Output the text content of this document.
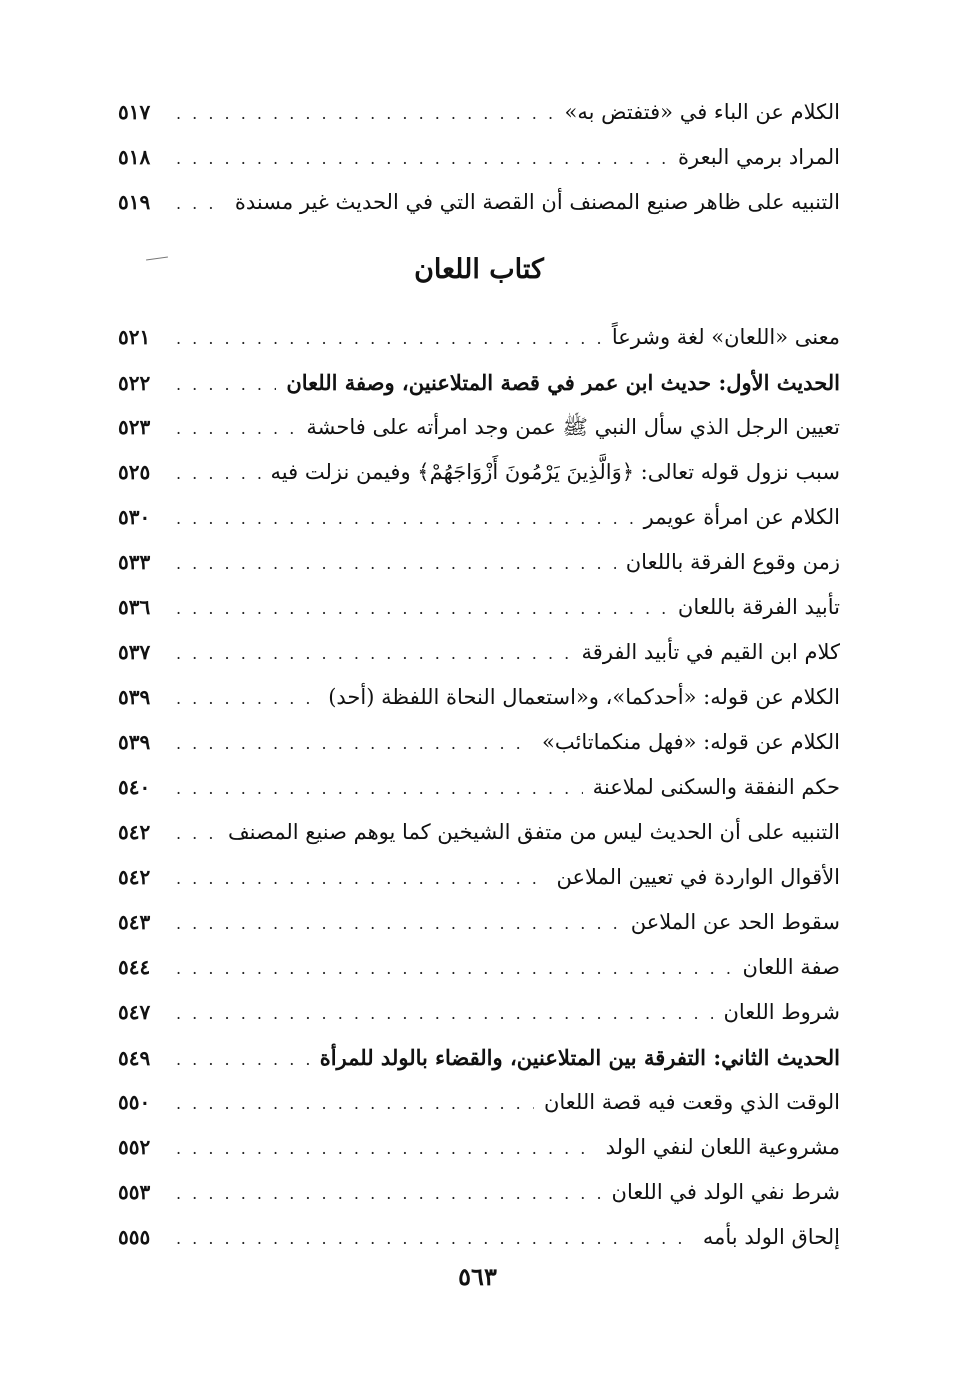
الكلام عن الباء في «فتفتض به»
. . .
٥١٧
المراد برمي البعرة
. . .
٥١٨
التنبيه على ظاهر صنيع المصنف أن القصة التي في الحديث غير مسندة
. . .
٥١٩
كتاب اللعان
معنى «اللعان» لغة وشرعاً
. . .
٥٢١
الحديث الأول: حديث ابن عمر في قصة المتلاعنين، وصفة اللعان
. . .
٥٢٢
تعيين الرجل الذي سأل النبي ﷺ عمن وجد امرأته على فاحشة
. . .
٥٢٣
سبب نزول قوله تعالى: ﴿وَالَّذِينَ يَرْمُونَ أَزْوَاجَهُمْ﴾ وفيمن نزلت فيه
. . .
٥٢٥
الكلام عن امرأة عويمر
. . .
٥٣٠
زمن وقوع الفرقة باللعان
. . .
٥٣٣
تأبيد الفرقة باللعان
. . .
٥٣٦
كلام ابن القيم في تأبيد الفرقة
. . .
٥٣٧
الكلام عن قوله: «أحدكما»، و«استعمال النحاة اللفظة (أحد)
. . .
٥٣٩
الكلام عن قوله: «فهل منكماتائب»
. . .
٥٣٩
حكم النفقة والسكنى لملاعنة
. . .
٥٤٠
التنبيه على أن الحديث ليس من متفق الشيخين كما يوهم صنيع المصنف
. . .
٥٤٢
الأقوال الواردة في تعيين الملاعن
. . .
٥٤٢
سقوط الحد عن الملاعن
. . .
٥٤٣
صفة اللعان
. . .
٥٤٤
شروط اللعان
. . .
٥٤٧
الحديث الثاني: التفرقة بين المتلاعنين، والقضاء بالولد للمرأة
. . .
٥٤٩
الوقت الذي وقعت فيه قصة اللعان
. . .
٥٥٠
مشروعية اللعان لنفي الولد
. . .
٥٥٢
شرط نفي الولد في اللعان
. . .
٥٥٣
إلحاق الولد بأمه
. . .
٥٥٥
٥٦٣
